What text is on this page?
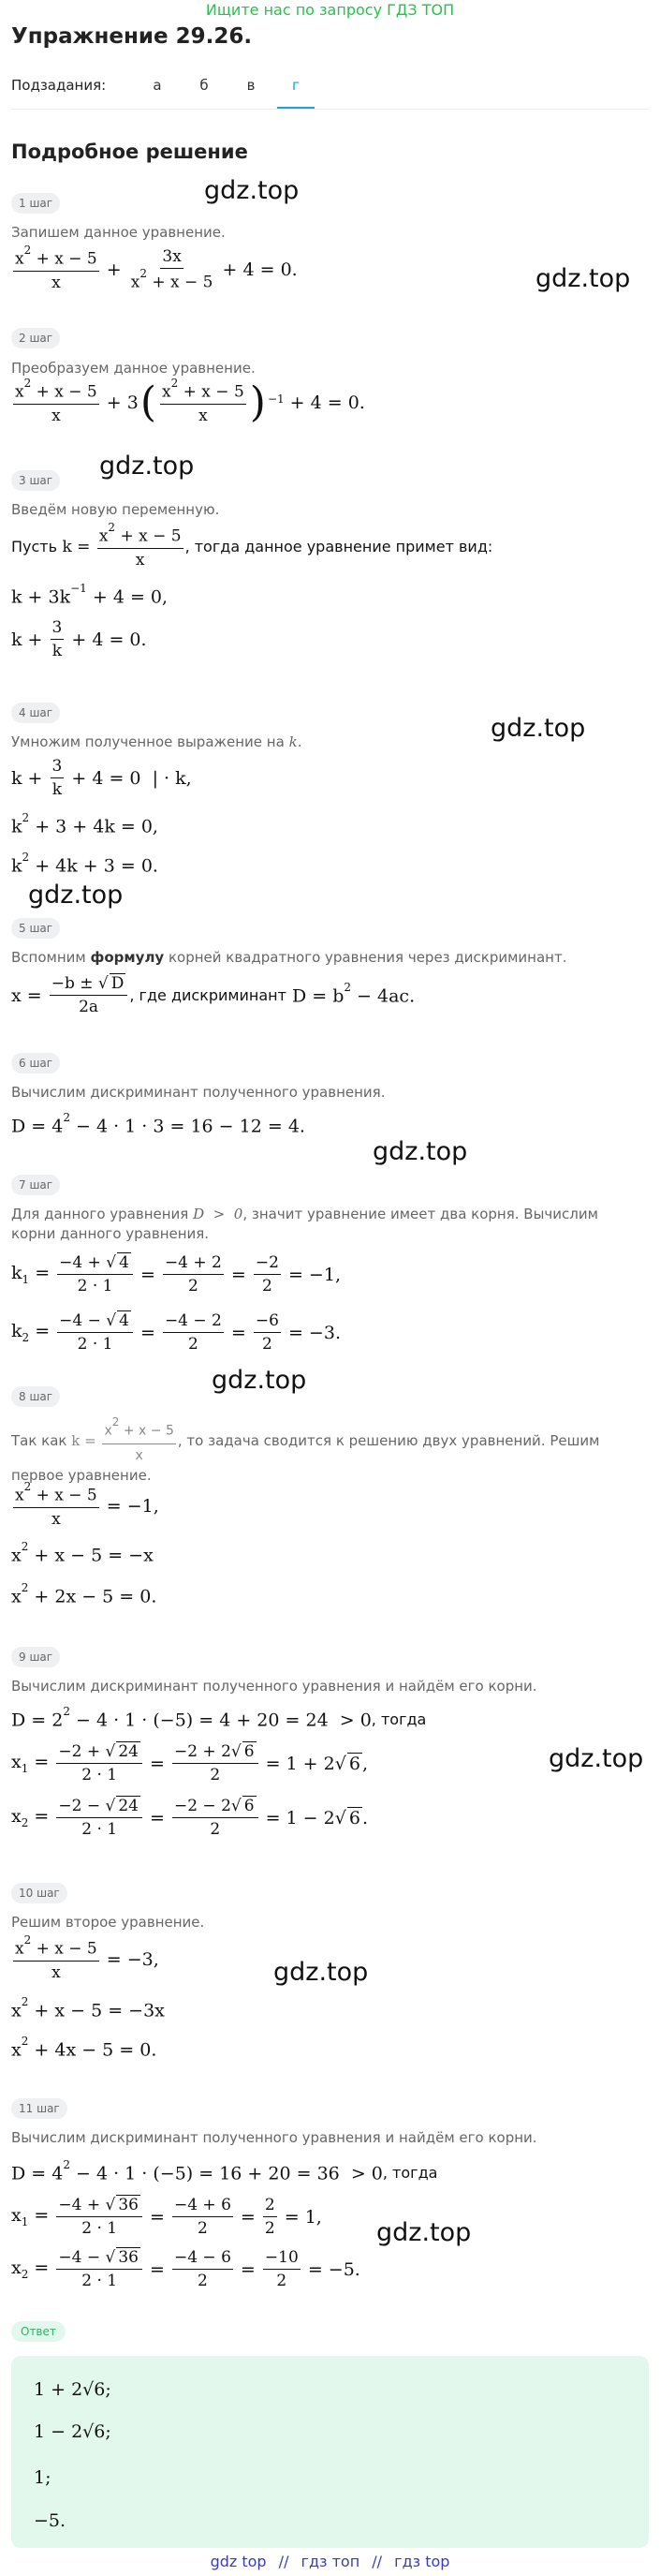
Ищите нас по запросу ГДЗ ТОП
Упражнение 29.26.
Подзадания:	а	б	в	г
Подробное решение
gdz.top
gdz.top
gdz.top
gdz.top
gdz.top
gdz.top
gdz.top
gdz.top
gdz.top
gdz.top
1 шаг
Запишем данное уравнение.
$\frac{x^2 + x - 5}{x} + \frac{3x}{x^2 + x - 5} + 4 = 0$.
2 шаг
Преобразуем данное уравнение.
$\frac{x^2 + x - 5}{x} + 3$ ( $\frac{x^2 + x - 5}{x} )^{-1} + 4 = 0$.
3 шаг
Введём новую переменную.
Пусть $k = \frac{x^2 + x - 5}{x}$ , тогда данное уравнение примет вид:
$k + 3k^{-1} + 4 = 0$,
$k + \frac{3}{k} + 4 = 0$.
4 шаг
Умножим полученное выражение на k.
$k + \frac{3}{k} + 4 = 0$  | · k,
$k^2 + 3 + 4k = 0$,
$k^2 + 4k + 3 = 0$.
5 шаг
Вспомним формулу корней квадратного уравнения через дискриминант.
$x = \frac{-b \pm √ D}{2a}$ , где дискриминант $D = b^2 - 4ac$.
6 шаг
Вычислим дискриминант полученного уравнения.
$D = 4^2 - 4 \cdot 1 \cdot 3 = 16 - 12 = 4$.
7 шаг
Для данного уравнения D  >  0, значит уравнение имеет два корня. Вычислим корни данного уравнения.
$k_1 = \frac{-4 + √ 4}{2 \cdot 1} = \frac{-4 + 2}{2} = \frac{-2}{2} = -1$,
$k_2 = \frac{-4 - √ 4}{2 \cdot 1} = \frac{-4 - 2}{2} = \frac{-6}{2} = -3$.
8 шаг
Так как $k = \frac{x^2 + x - 5}{x}$ , то задача сводится к решению двух уравнений. Решим первое уравнение.
$\frac{x^2 + x - 5}{x} = -1$,
$x^2 + x - 5 = -x$
$x^2 + 2x - 5 = 0$.
9 шаг
Вычислим дискриминант полученного уравнения и найдём его корни.
$D = 2^2 - 4 \cdot 1 \cdot (-5) = 4 + 20 = 24 > 0$ , тогда
$x_1 = \frac{-2 + √ 24}{2 \cdot 1} = \frac{-2 + 2√ 6}{2} = 1 + 2√$ 6 ,
$x_2 = \frac{-2 - √ 24}{2 \cdot 1} = \frac{-2 - 2√ 6}{2} = 1 - 2√$ 6 .
10 шаг
Решим второе уравнение.
$\frac{x^2 + x - 5}{x} = -3$,
$x^2 + x - 5 = -3x$
$x^2 + 4x - 5 = 0$.
11 шаг
Вычислим дискриминант полученного уравнения и найдём его корни.
$D = 4^2 - 4 \cdot 1 \cdot (-5) = 16 + 20 = 36 > 0$ , тогда
$x_1 = \frac{-4 + √ 36}{2 \cdot 1} = \frac{-4 + 6}{2} = \frac{2}{2} = 1$,
$x_2 = \frac{-4 - √ 36}{2 \cdot 1} = \frac{-4 - 6}{2} = \frac{-10}{2} = -5$.
Ответ
1 + 2√6;
1 − 2√6;
1;
−5.
gdz top // гдз топ // гдз top
